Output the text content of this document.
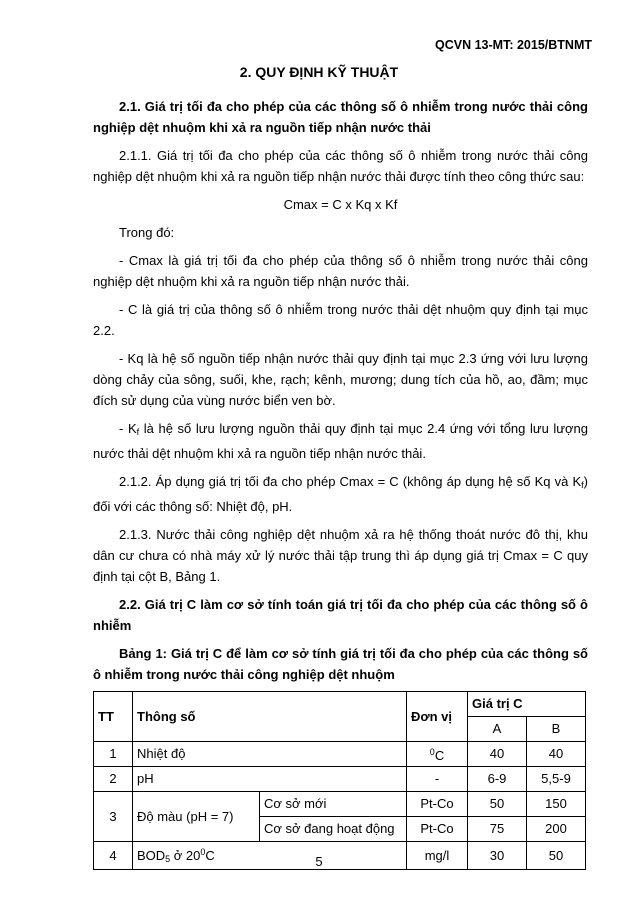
QCVN 13-MT: 2015/BTNMT
2. QUY ĐỊNH KỸ THUẬT

2.1. Giá trị tối đa cho phép của các thông số ô nhiễm trong nước thải công nghiệp dệt nhuộm khi xả ra nguồn tiếp nhận nước thải

2.1.1. Giá trị tối đa cho phép của các thông số ô nhiễm trong nước thải công nghiệp dệt nhuộm khi xả ra nguồn tiếp nhận nước thải được tính theo công thức sau:

Cmax = C x Kq x Kf

Trong đó:

- Cmax là giá trị tối đa cho phép của thông số ô nhiễm trong nước thải công nghiệp dệt nhuộm khi xả ra nguồn tiếp nhận nước thải.

- C là giá trị của thông số ô nhiễm trong nước thải dệt nhuộm quy định tại mục 2.2.

- Kq là hệ số nguồn tiếp nhận nước thải quy định tại mục 2.3 ứng với lưu lượng dòng chảy của sông, suối, khe, rạch; kênh, mương; dung tích của hồ, ao, đầm; mục đích sử dụng của vùng nước biển ven bờ.

- $K_f$ là hệ số lưu lượng nguồn thải quy định tại mục 2.4 ứng với tổng lưu lượng nước thải dệt nhuộm khi xả ra nguồn tiếp nhận nước thải.

2.1.2. Áp dụng giá trị tối đa cho phép Cmax = C (không áp dụng hệ số Kq và $K_f$) đối với các thông số: Nhiệt độ, pH.

2.1.3. Nước thải công nghiệp dệt nhuộm xả ra hệ thống thoát nước đô thị, khu dân cư chưa có nhà máy xử lý nước thải tập trung thì áp dụng giá trị Cmax = C quy định tại cột B, Bảng 1.

2.2. Giá trị C làm cơ sở tính toán giá trị tối đa cho phép của các thông số ô nhiễm

Bảng 1: Giá trị C để làm cơ sở tính giá trị tối đa cho phép của các thông số ô nhiễm trong nước thải công nghiệp dệt nhuộm

TT	Thông số		Đơn vị	Giá trị C	
				A	B
1	Nhiệt độ		$^0$C	40	40
2	pH		-	6-9	5,5-9
3	Độ màu (pH = 7)	Cơ sở mới	Pt-Co	50	150
		Cơ sở đang hoạt động	Pt-Co	75	200
4	$BOD_5$ ở $20^0C$		mg/l	30	50
5
